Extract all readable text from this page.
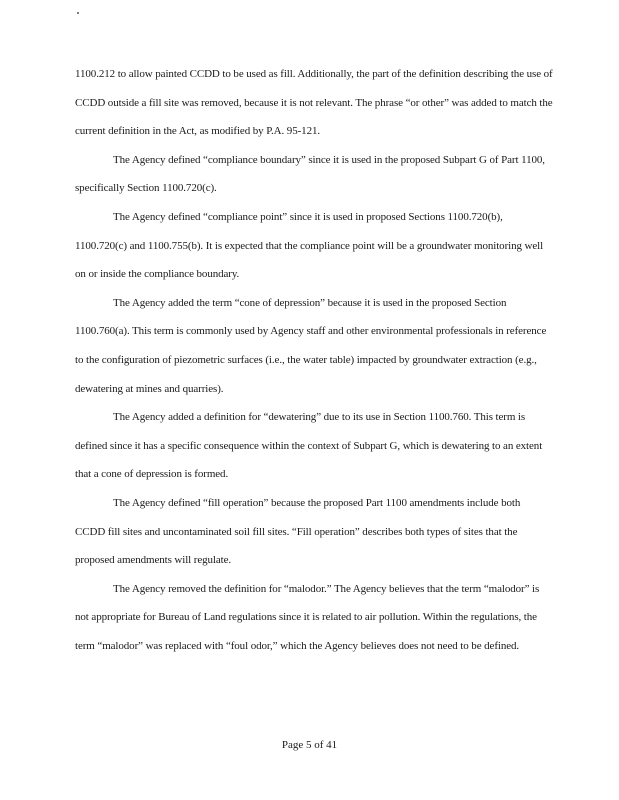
1100.212 to allow painted CCDD to be used as fill. Additionally, the part of the definition describing the use of CCDD outside a fill site was removed, because it is not relevant. The phrase “or other” was added to match the current definition in the Act, as modified by P.A. 95-121.

The Agency defined “compliance boundary” since it is used in the proposed Subpart G of Part 1100, specifically Section 1100.720(c).

The Agency defined “compliance point” since it is used in proposed Sections 1100.720(b), 1100.720(c) and 1100.755(b). It is expected that the compliance point will be a groundwater monitoring well on or inside the compliance boundary.

The Agency added the term “cone of depression” because it is used in the proposed Section 1100.760(a). This term is commonly used by Agency staff and other environmental professionals in reference to the configuration of piezometric surfaces (i.e., the water table) impacted by groundwater extraction (e.g., dewatering at mines and quarries).

The Agency added a definition for “dewatering” due to its use in Section 1100.760. This term is defined since it has a specific consequence within the context of Subpart G, which is dewatering to an extent that a cone of depression is formed.

The Agency defined “fill operation” because the proposed Part 1100 amendments include both CCDD fill sites and uncontaminated soil fill sites. “Fill operation” describes both types of sites that the proposed amendments will regulate.

The Agency removed the definition for “malodor.” The Agency believes that the term “malodor” is not appropriate for Bureau of Land regulations since it is related to air pollution. Within the regulations, the term “malodor” was replaced with “foul odor,” which the Agency believes does not need to be defined.

Page 5 of 41
